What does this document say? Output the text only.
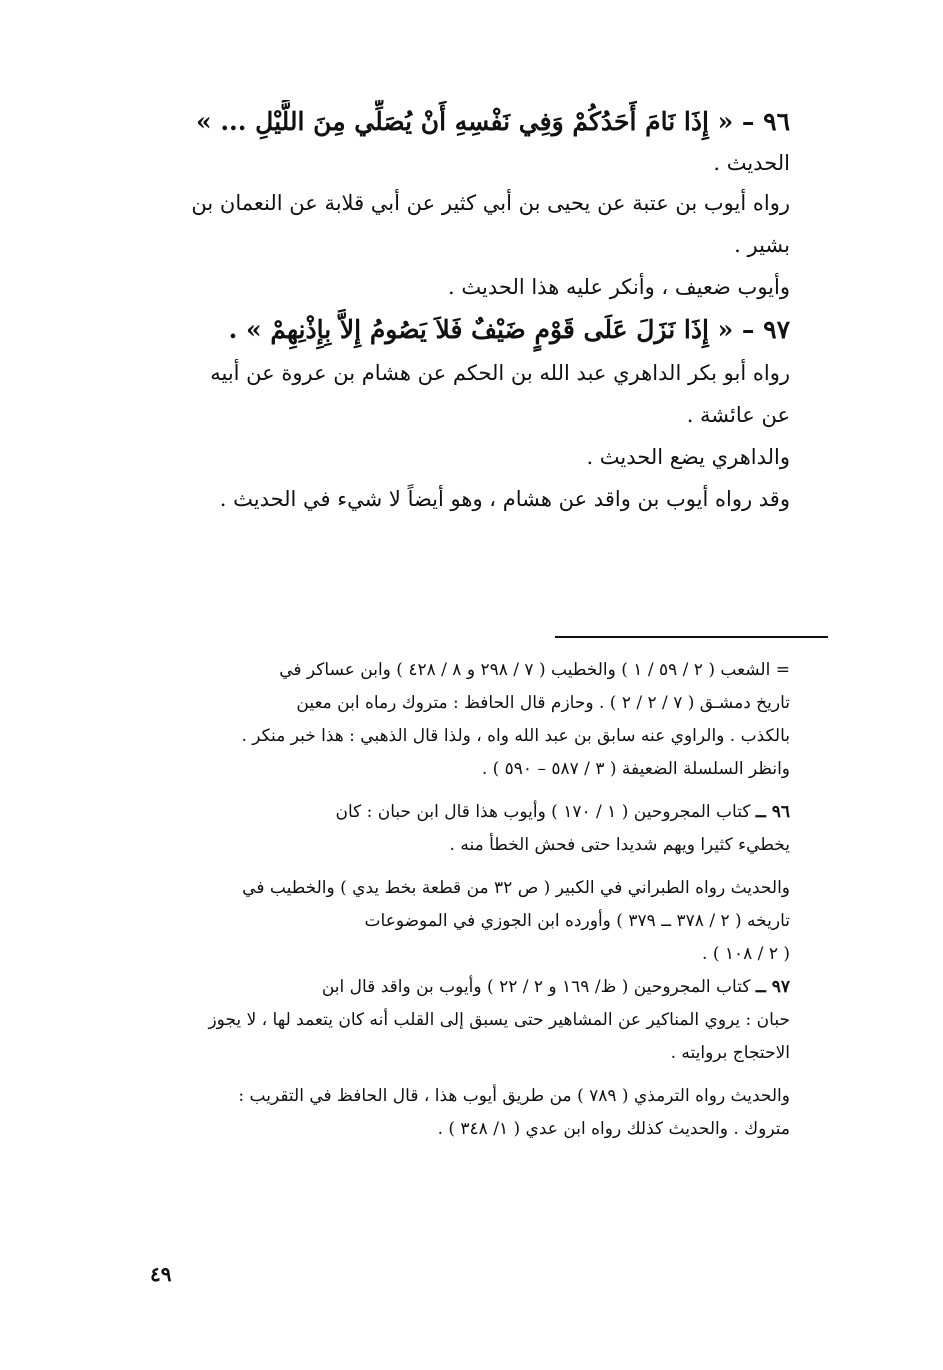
٩٦ – « إِذَا نَامَ أَحَدُكُمْ وَفِي نَفْسِهِ أَنْ يُصَلِّي مِنَ اللَّيْلِ ... »
الحديث .
رواه أيوب بن عتبة عن يحيى بن أبي كثير عن أبي قلابة عن النعمان بن
بشير .
وأيوب ضعيف ، وأنكر عليه هذا الحديث .
٩٧ – « إِذَا نَزَلَ عَلَى قَوْمٍ ضَيْفٌ فَلاَ يَصُومُ إِلاَّ بِإِذْنِهِمْ » .
رواه أبو بكر الداهري عبد الله بن الحكم عن هشام بن عروة عن أبيه
عن عائشة .
والداهري يضع الحديث .
وقد رواه أيوب بن واقد عن هشام ، وهو أيضاً لا شيء في الحديث .
= الشعب ( ٢ / ٥٩ / ١ ) والخطيب ( ٧ / ٢٩٨ و ٨ / ٤٢٨ ) وابن عساكر في
تاريخ دمشـق ( ٧ / ٢ / ٢ ) . وحازم قال الحافظ : متروك رماه ابن معين
بالكذب . والراوي عنه سابق بن عبد الله واه ، ولذا قال الذهبي : هذا خبر منكر .
وانظر السلسلة الضعيفة ( ٣ / ٥٨٧ – ٥٩٠ ) .
٩٦ ــ كتاب المجروحين ( ١ / ١٧٠ ) وأيوب هذا قال ابن حبان : كان
يخطيء كثيرا ويهم شديدا حتى فحش الخطأ منه .
والحديث رواه الطبراني في الكبير ( ص ٣٢ من قطعة بخط يدي ) والخطيب في
تاريخه ( ٢ / ٣٧٨ ــ ٣٧٩ ) وأورده ابن الجوزي في الموضوعات
( ٢ / ١٠٨ ) .
٩٧ ــ كتاب المجروحين ( ظ/ ١٦٩ و ٢ / ٢٢ ) وأيوب بن واقد قال ابن
حبان : يروي المناكير عن المشاهير حتى يسبق إلى القلب أنه كان يتعمد لها ، لا يجوز
الاحتجاج بروايته .
والحديث رواه الترمذي ( ٧٨٩ ) من طريق أيوب هذا ، قال الحافظ في التقريب :
متروك . والحديث كذلك رواه ابن عدي ( ١/ ٣٤٨ ) .
٤٩
